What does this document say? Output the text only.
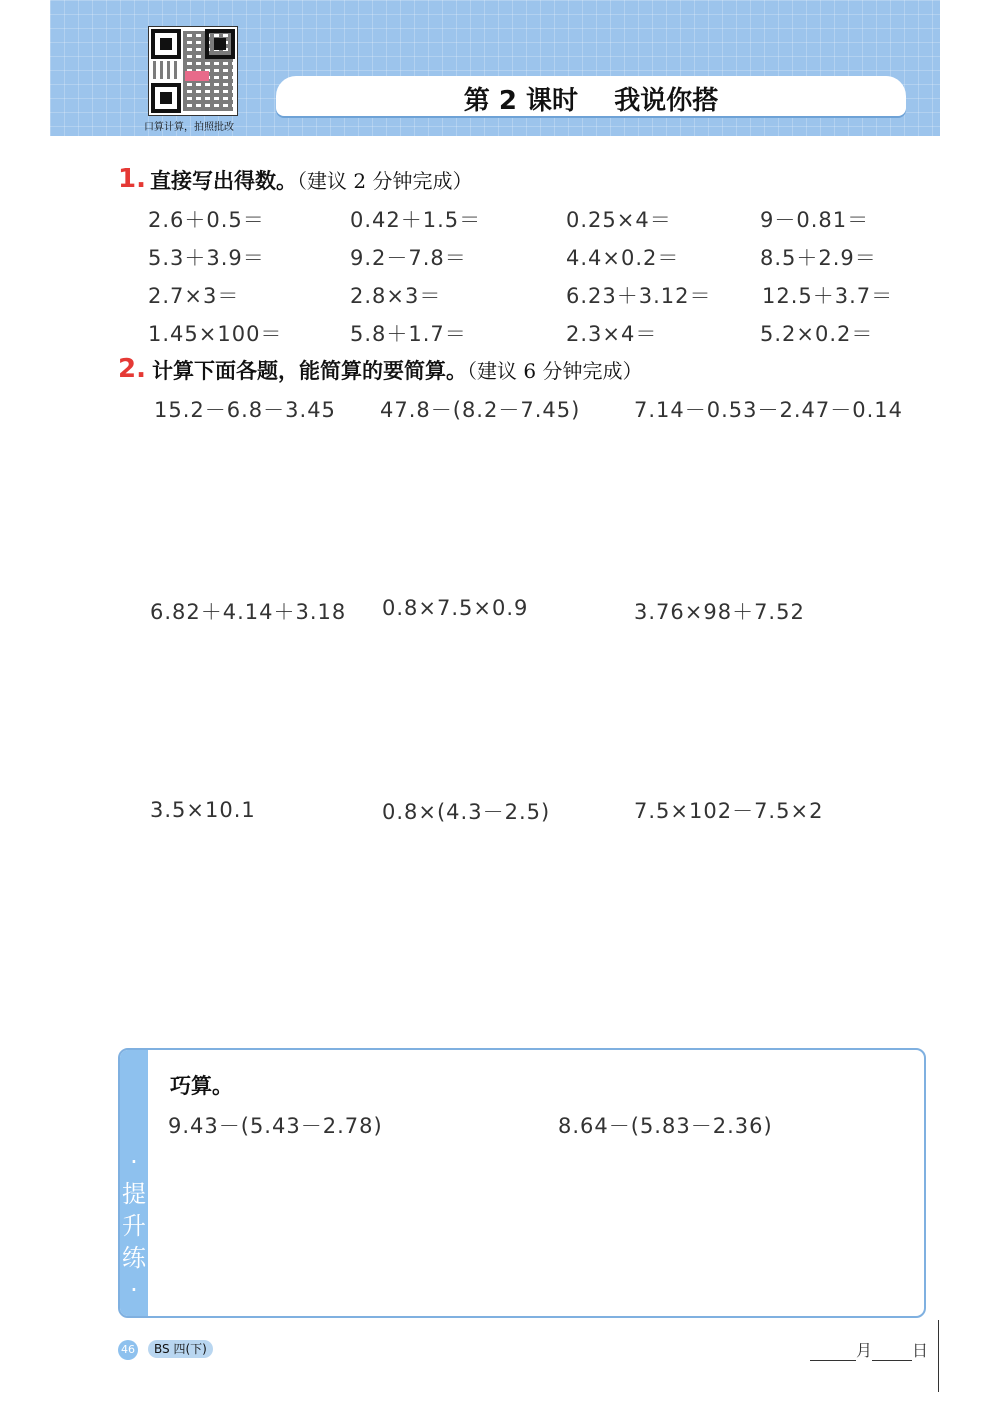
口算计算，拍照批改
第 2 课时    我说你搭
1. 直接写出得数。（建议 2 分钟完成）
2.6＋0.5＝	0.42＋1.5＝	0.25×4＝	9－0.81＝
5.3＋3.9＝	9.2－7.8＝	4.4×0.2＝	8.5＋2.9＝
2.7×3＝	2.8×3＝	6.23＋3.12＝ 12.5＋3.7＝
1.45×100＝	5.8＋1.7＝	2.3×4＝	5.2×0.2＝
2. 计算下面各题，能简算的要简算。（建议 6 分钟完成）
15.2－6.8－3.45 47.8－(8.2－7.45)	7.14－0.53－2.47－0.14
6.82＋4.14＋3.18 0.8×7.5×0.9	3.76×98＋7.52
3.5×10.1	0.8×(4.3－2.5)	7.5×102－7.5×2
·提升练·
巧算。
9.43－(5.43－2.78)	8.64－(5.83－2.36)
46	BS 四(下)	月	日
